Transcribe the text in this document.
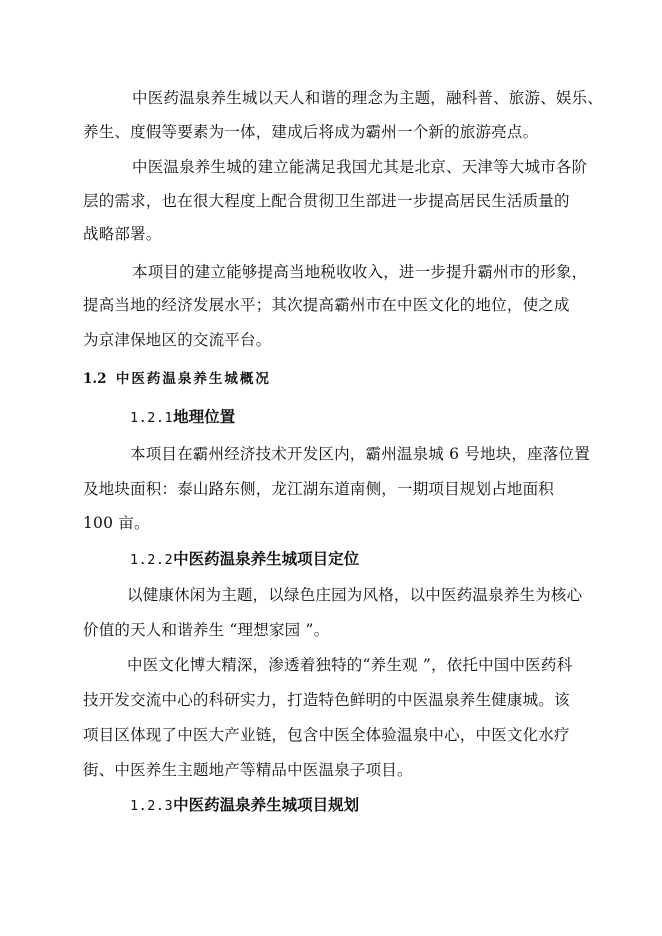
中医药温泉养生城以天人和谐的理念为主题，融科普、旅游、娱乐、
养生、度假等要素为一体，建成后将成为霸州一个新的旅游亮点。
中医温泉养生城的建立能满足我国尤其是北京、天津等大城市各阶
层的需求，也在很大程度上配合贯彻卫生部进一步提高居民生活质量的
战略部署。
本项目的建立能够提高当地税收收入，进一步提升霸州市的形象，
提高当地的经济发展水平；其次提高霸州市在中医文化的地位，使之成
为京津保地区的交流平台。
1.2 中医药温泉养生城概况
1.2.1地理位置
本项目在霸州经济技术开发区内，霸州温泉城 6 号地块，座落位置
及地块面积：泰山路东侧，龙江湖东道南侧，一期项目规划占地面积
100 亩。
1.2.2中医药温泉养生城项目定位
以健康休闲为主题，以绿色庄园为风格，以中医药温泉养生为核心
价值的天人和谐养生 “理想家园 ”。
中医文化博大精深，渗透着独特的“养生观 ”，依托中国中医药科
技开发交流中心的科研实力，打造特色鲜明的中医温泉养生健康城。该
项目区体现了中医大产业链，包含中医全体验温泉中心，中医文化水疗
街、中医养生主题地产等精品中医温泉子项目。
1.2.3中医药温泉养生城项目规划
